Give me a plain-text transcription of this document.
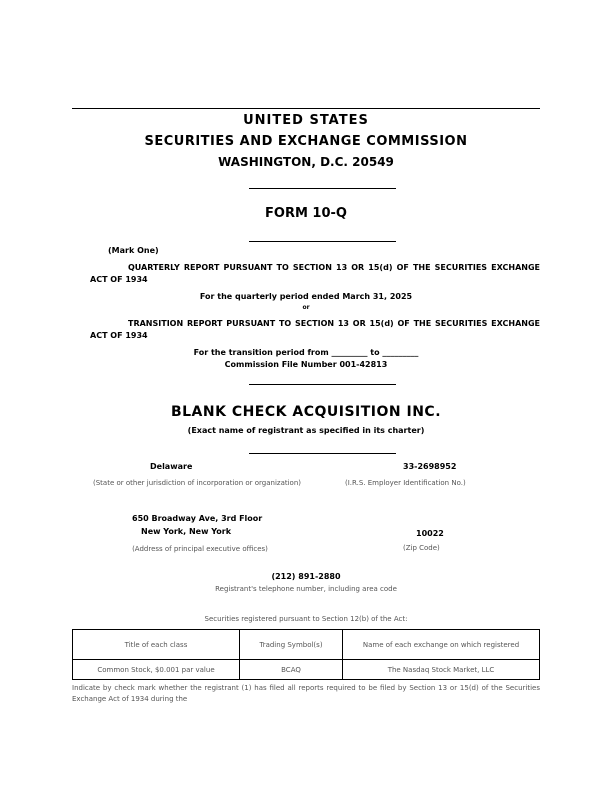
UNITED STATES
SECURITIES AND EXCHANGE COMMISSION
WASHINGTON, D.C. 20549
FORM 10-Q
(Mark One)
QUARTERLY REPORT PURSUANT TO SECTION 13 OR 15(d) OF THE SECURITIES EXCHANGE ACT OF 1934
For the quarterly period ended March 31, 2025
or
TRANSITION REPORT PURSUANT TO SECTION 13 OR 15(d) OF THE SECURITIES EXCHANGE ACT OF 1934
For the transition period from _________ to _________
Commission File Number 001-42813
BLANK CHECK ACQUISITION INC.
(Exact name of registrant as specified in its charter)
Delaware	33-2698952
(State or other jurisdiction of incorporation or organization)	(I.R.S. Employer Identification No.)
650 Broadway Ave, 3rd Floor
New York, New York	10022
(Address of principal executive offices)	(Zip Code)
(212) 891-2880
Registrant's telephone number, including area code
Securities registered pursuant to Section 12(b) of the Act:
Title of each class	Trading Symbol(s)	Name of each exchange on which registered
Common Stock, $0.001 par value	BCAQ	The Nasdaq Stock Market, LLC
Indicate by check mark whether the registrant (1) has filed all reports required to be filed by Section 13 or 15(d) of the Securities Exchange Act of 1934 during the
